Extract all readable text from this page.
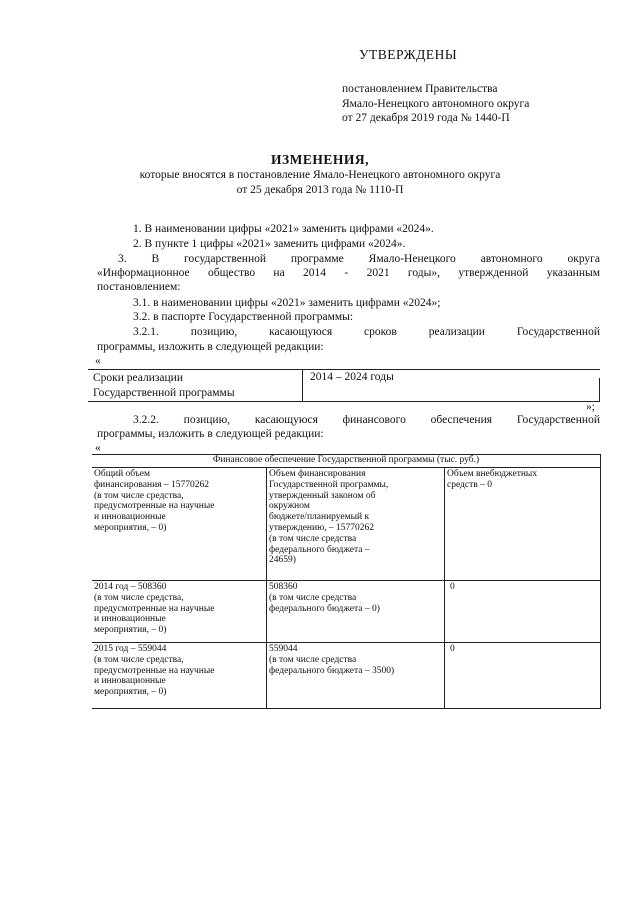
УТВЕРЖДЕНЫ
постановлением Правительства
Ямало-Ненецкого автономного округа
от 27 декабря 2019 года № 1440-П
ИЗМЕНЕНИЯ,
которые вносятся в постановление Ямало-Ненецкого автономного округа
от 25 декабря 2013 года № 1110-П
1. В наименовании цифры «2021» заменить цифрами «2024».
2. В пункте 1 цифры «2021» заменить цифрами «2024».
3. В государственной программе Ямало-Ненецкого автономного округа
«Информационное общество на 2014 - 2021 годы», утвержденной указанным
постановлением:
3.1. в наименовании цифры «2021» заменить цифрами «2024»;
3.2. в паспорте Государственной программы:
3.2.1. позицию, касающуюся сроков реализации Государственной
программы, изложить в следующей редакции:
«
Сроки реализации
Государственной программы
2014 – 2024 годы
»;
3.2.2. позицию, касающуюся финансового обеспечения Государственной
программы, изложить в следующей редакции:
«
Финансовое обеспечение Государственной программы (тыс. руб.)
Общий объем
финансирования – 15770262
(в том числе средства,
предусмотренные на научные
и инновационные
мероприятия, – 0)
Объем финансирования
Государственной программы,
утвержденный законом об
окружном
бюджете/планируемый к
утверждению, – 15770262
(в том числе средства
федерального бюджета –
24659)
Объем внебюджетных
средств – 0
2014 год – 508360
(в том числе средства,
предусмотренные на научные
и инновационные
мероприятия, – 0)
508360
(в том числе средства
федерального бюджета – 0)
0
2015 год – 559044
(в том числе средства,
предусмотренные на научные
и инновационные
мероприятия, – 0)
559044
(в том числе средства
федерального бюджета – 3500)
0
